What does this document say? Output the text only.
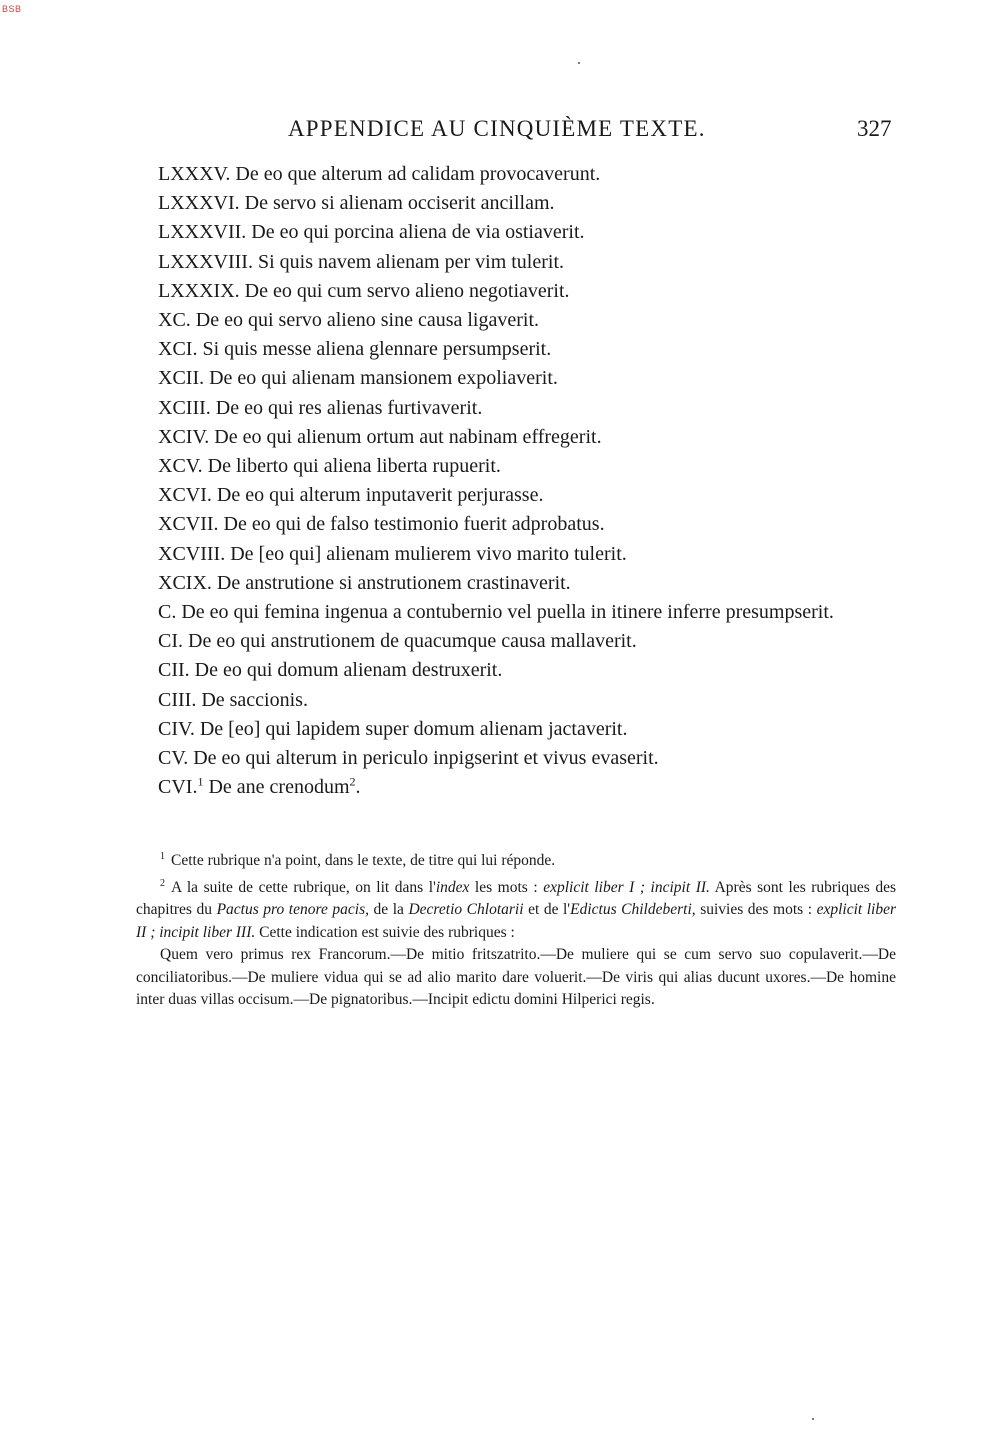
BSB
APPENDICE AU CINQUIÈME TEXTE.	327
LXXXV. De eo que alterum ad calidam provocaverunt.
LXXXVI. De servo si alienam occiserit ancillam.
LXXXVII. De eo qui porcina aliena de via ostiaverit.
LXXXVIII. Si quis navem alienam per vim tulerit.
LXXXIX. De eo qui cum servo alieno negotiaverit.
XC. De eo qui servo alieno sine causa ligaverit.
XCI. Si quis messe aliena glennare persumpserit.
XCII. De eo qui alienam mansionem expoliaverit.
XCIII. De eo qui res alienas furtivaverit.
XCIV. De eo qui alienum ortum aut nabinam effregerit.
XCV. De liberto qui aliena liberta rupuerit.
XCVI. De eo qui alterum inputaverit perjurasse.
XCVII. De eo qui de falso testimonio fuerit adprobatus.
XCVIII. De [eo qui] alienam mulierem vivo marito tulerit.
XCIX. De anstrutione si anstrutionem crastinaverit.
C. De eo qui femina ingenua a contubernio vel puella in itinere inferre presumpserit.
CI. De eo qui anstrutionem de quacumque causa mallaverit.
CII. De eo qui domum alienam destruxerit.
CIII. De saccionis.
CIV. De [eo] qui lapidem super domum alienam jactaverit.
CV. De eo qui alterum in periculo inpigserint et vivus evaserit.
CVI.$^1$ De ane crenodum$^2$.

$^1$ Cette rubrique n'a point, dans le texte, de titre qui lui réponde.

$^2$ A la suite de cette rubrique, on lit dans l'index les mots : explicit liber I ; incipit II. Après sont les rubriques des chapitres du Pactus pro tenore pacis, de la Decretio Chlotarii et de l'Edictus Childeberti, suivies des mots : explicit liber II ; incipit liber III. Cette indication est suivie des rubriques :

Quem vero primus rex Francorum.—De mitio fritszatrito.—De muliere qui se cum servo suo copulaverit.—De conciliatoribus.—De muliere vidua qui se ad alio marito dare voluerit.—De viris qui alias ducunt uxores.—De homine inter duas villas occisum.—De pignatoribus.—Incipit edictu domini Hilperici regis.
